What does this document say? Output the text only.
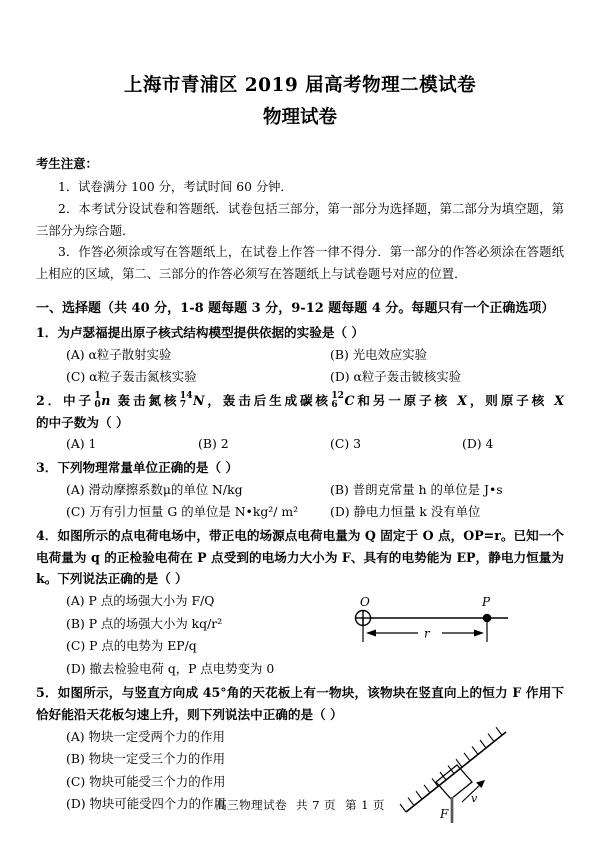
上海市青浦区 2019 届高考物理二模试卷
物理试卷

考生注意：

1．试卷满分 100 分，考试时间 60 分钟．

2．本考试分设试卷和答题纸．试卷包括三部分，第一部分为选择题，第二部分为填空题，第三部分为综合题．

3．作答必须涂或写在答题纸上，在试卷上作答一律不得分．第一部分的作答必须涂在答题纸上相应的区域，第二、三部分的作答必须写在答题纸上与试卷题号对应的位置．

一、选择题（共 40 分，1-8 题每题 3 分，9-12 题每题 4 分。每题只有一个正确选项）

1．为卢瑟福提出原子核式结构模型提供依据的实验是（ ）

(A) α粒子散射实验	(B) 光电效应实验
(C) α粒子轰击氮核实验	(D) α粒子轰击铍核实验

2．中子 1
0 n 轰击氮核 14
7 N，轰击后生成碳核 12
6 C和另一原子核 X，则原子核 X 的中子数为（ ）

(A) 1	(B) 2	(C) 3	(D) 4

3．下列物理常量单位正确的是（ ）

(A) 滑动摩擦系数μ的单位 N/kg	(B) 普朗克常量 h 的单位是 J•s
(C) 万有引力恒量 G 的单位是 N•kg²/ m²	(D) 静电力恒量 k 没有单位

4．如图所示的点电荷电场中，带正电的场源点电荷电量为 Q 固定于 O 点，OP=r。已知一个电荷量为 q 的正检验电荷在 P 点受到的电场力大小为 F、具有的电势能为 EP，静电力恒量为 k。下列说法正确的是（ ）

(A) P 点的场强大小为 F/Q
(B) P 点的场强大小为 kq/r²
(C) P 点的电势为 EP/q
(D) 撤去检验电荷 q，P 点电势变为 0
O	P
r

5．如图所示，与竖直方向成 45°角的天花板上有一物块，该物块在竖直向上的恒力 F 作用下恰好能沿天花板匀速上升，则下列说法中正确的是（ ）

(A) 物块一定受两个力的作用
(B) 物块一定受三个力的作用
(C) 物块可能受三个力的作用
(D) 物块可能受四个力的作用
F
v
高三物理试卷 共 7 页 第 1 页
